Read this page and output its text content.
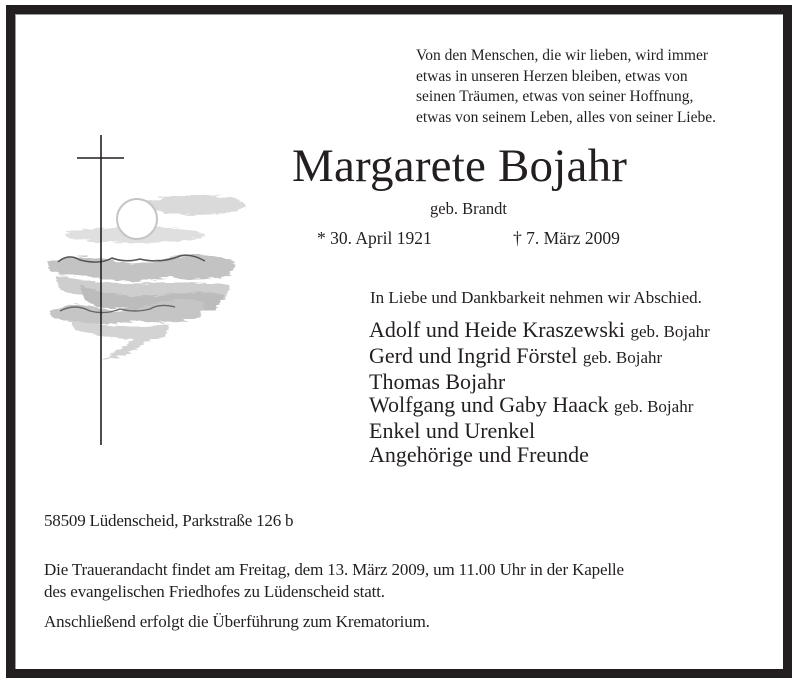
Von den Menschen, die wir lieben, wird immer
etwas in unseren Herzen bleiben, etwas von
seinen Träumen, etwas von seiner Hoffnung,
etwas von seinem Leben, alles von seiner Liebe.
Margarete Bojahr
geb. Brandt
* 30. April 1921	† 7. März 2009
In Liebe und Dankbarkeit nehmen wir Abschied.
Adolf und Heide Kraszewski geb. Bojahr
Gerd und Ingrid Förstel geb. Bojahr
Thomas Bojahr
Wolfgang und Gaby Haack geb. Bojahr
Enkel und Urenkel
Angehörige und Freunde
58509 Lüdenscheid, Parkstraße 126 b
Die Trauerandacht findet am Freitag, dem 13. März 2009, um 11.00 Uhr in der Kapelle
des evangelischen Friedhofes zu Lüdenscheid statt.
Anschließend erfolgt die Überführung zum Krematorium.
